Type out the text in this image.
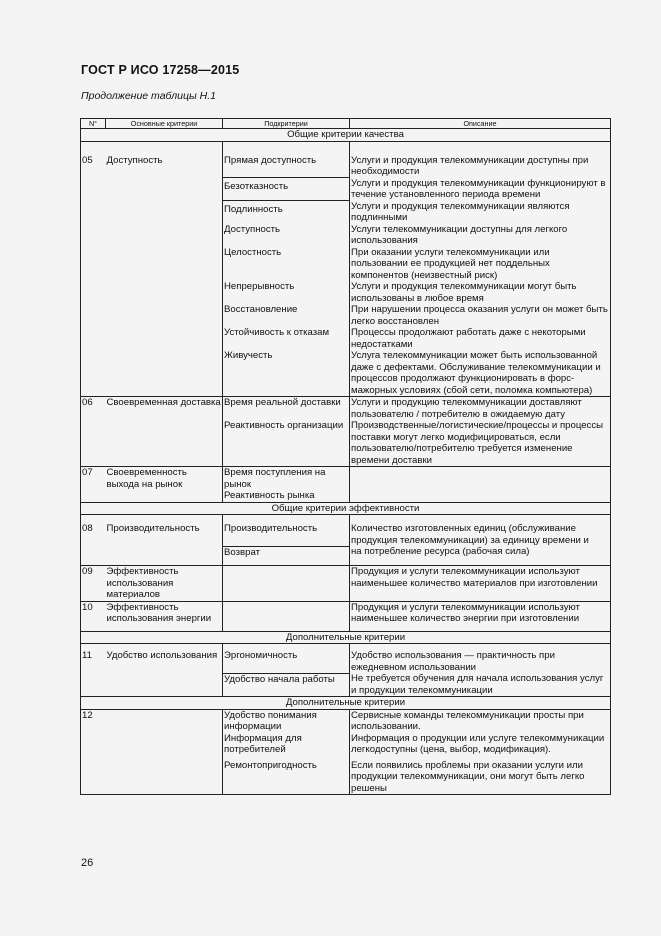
ГОСТ Р ИСО 17258—2015
Продолжение таблицы Н.1
N°	Основные критерии	Подкритерии	Описание
Общие критерии качества			
05	Доступность	Прямая доступность	Услуги и продукция телекоммуникации доступны при необходимости
		Безотказность	Услуги и продукция телекоммуникации функционируют в течение установленного периода времени
		Подлинность	Услуги и продукция телекоммуникации являются подлинными
		Доступность	Услуги телекоммуникации доступны для легкого использования
		Целостность	При оказании услуги телекоммуникации или пользовании ее продукцией нет поддельных компонентов (неизвестный риск)
		Непрерывность	Услуги и продукция телекоммуникации могут быть использованы в любое время
		Восстановление	При нарушении процесса оказания услуги он может быть легко восстановлен
		Устойчивость к отказам	Процессы продолжают работать даже с некоторыми недостатками
		Живучесть	Услуга телекоммуникации может быть использованной даже с дефектами. Обслуживание телекоммуникации и процессов продолжают функционировать в форс-мажорных условиях (сбой сети, поломка компьютера)
06	Своевременная доставка	Время реальной доставки	Услуги и продукцию телекоммуникации доставляют пользователю / потребителю в ожидаемую дату
		Реактивность организации	Производственные/логистические/процессы и процессы поставки могут легко модифицироваться, если пользователю/потребителю требуется изменение времени доставки
07	Своевременность выхода на рынок	Время поступления на рынок	
		Реактивность рынка	
Общие критерии эффективности			
08	Производительность	Производительность	Количество изготовленных единиц (обслуживание продукция телекоммуникации) за единицу времени и
		Возврат	на потребление ресурса (рабочая сила)
09	Эффективность использования материалов		Продукция и услуги телекоммуникации используют наименьшее количество материалов при изготовлении
10	Эффективность использования энергии		Продукция и услуги телекоммуникации используют наименьшее количество энергии при изготовлении
Дополнительные критерии			
11	Удобство использования	Эргономичность	Удобство использования — практичность при ежедневном использовании
		Удобство начала работы	Не требуется обучения для начала использования услуг и продукции телекоммуникации
Дополнительные критерии			
12		Удобство понимания информации	Сервисные команды телекоммуникации просты при использовании.
		Информация для потребителей	Информация о продукции или услуге телекоммуникации легкодоступны (цена, выбор, модификация).
		Ремонтопригодность	Если появились проблемы при оказании услуги или продукции телекоммуникации, они могут быть легко решены
26
